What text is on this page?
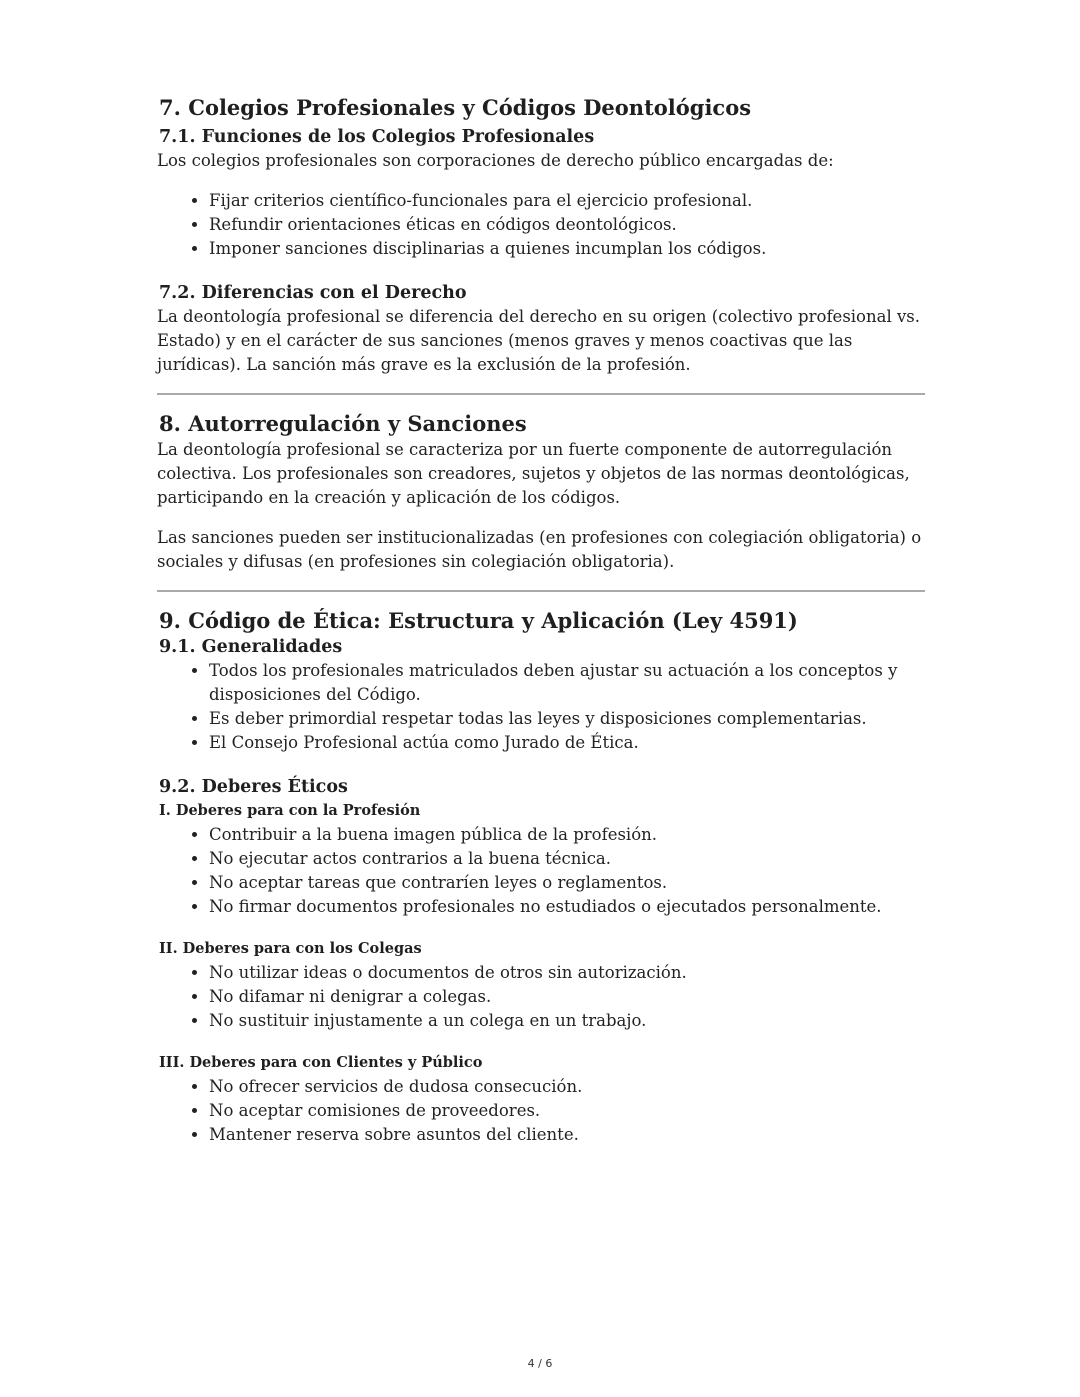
7. Colegios Profesionales y Códigos Deontológicos
7.1. Funciones de los Colegios Profesionales

Los colegios profesionales son corporaciones de derecho público encargadas de:

• Fijar criterios científico-funcionales para el ejercicio profesional.
• Refundir orientaciones éticas en códigos deontológicos.
• Imponer sanciones disciplinarias a quienes incumplan los códigos.
7.2. Diferencias con el Derecho

La deontología profesional se diferencia del derecho en su origen (colectivo profesional vs. Estado) y en el carácter de sus sanciones (menos graves y menos coactivas que las jurídicas). La sanción más grave es la exclusión de la profesión.

8. Autorregulación y Sanciones

La deontología profesional se caracteriza por un fuerte componente de autorregulación colectiva. Los profesionales son creadores, sujetos y objetos de las normas deontológicas, participando en la creación y aplicación de los códigos.

Las sanciones pueden ser institucionalizadas (en profesiones con colegiación obligatoria) o sociales y difusas (en profesiones sin colegiación obligatoria).

9. Código de Ética: Estructura y Aplicación (Ley 4591)
9.1. Generalidades
• Todos los profesionales matriculados deben ajustar su actuación a los conceptos y disposiciones del Código.
• Es deber primordial respetar todas las leyes y disposiciones complementarias.
• El Consejo Profesional actúa como Jurado de Ética.
9.2. Deberes Éticos
I. Deberes para con la Profesión
• Contribuir a la buena imagen pública de la profesión.
• No ejecutar actos contrarios a la buena técnica.
• No aceptar tareas que contraríen leyes o reglamentos.
• No firmar documentos profesionales no estudiados o ejecutados personalmente.
II. Deberes para con los Colegas
• No utilizar ideas o documentos de otros sin autorización.
• No difamar ni denigrar a colegas.
• No sustituir injustamente a un colega en un trabajo.
III. Deberes para con Clientes y Público
• No ofrecer servicios de dudosa consecución.
• No aceptar comisiones de proveedores.
• Mantener reserva sobre asuntos del cliente.
4 / 6
